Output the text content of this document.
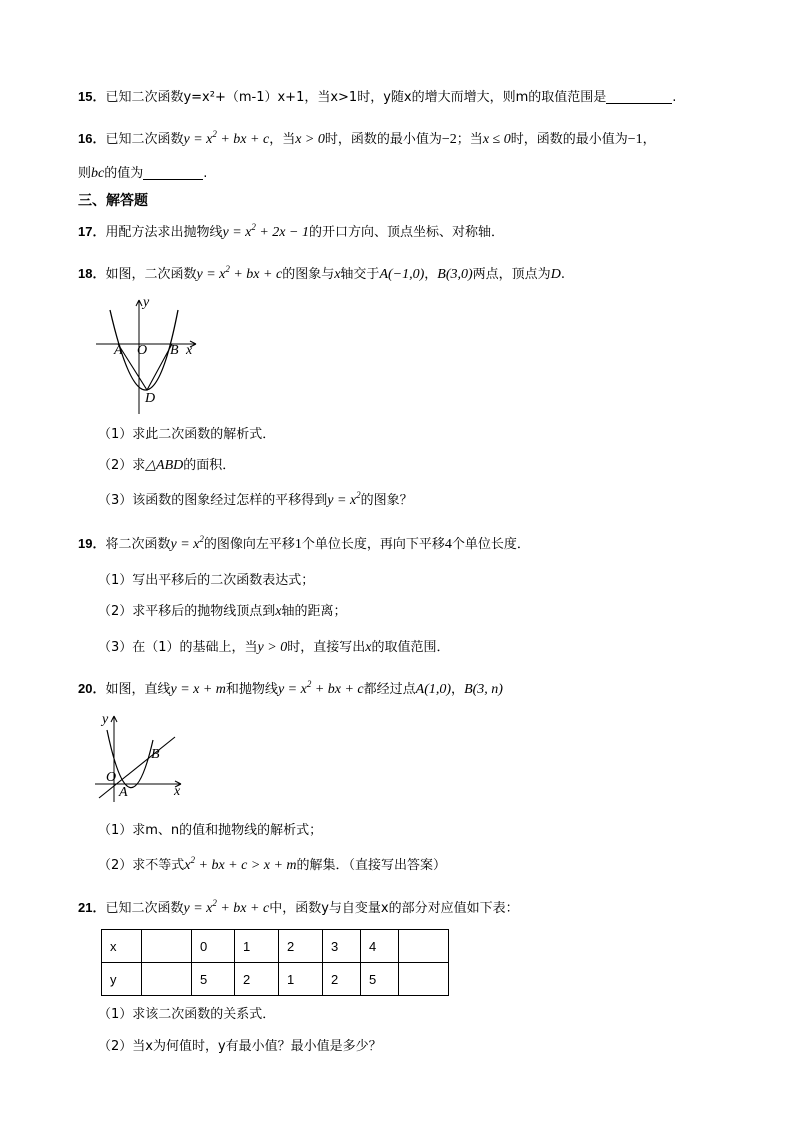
15．已知二次函数y=x²+（m-1）x+1，当x>1时，y随x的增大而增大，则m的取值范围是	.
16．已知二次函数$y = x^2$ + bx + c，当x > 0时，函数的最小值为−2；当x ≤ 0时，函数的最小值为−1，
则bc的值为	.
三、解答题
17．用配方法求出抛物线$y = x^2 + 2x - 1$的开口方向、顶点坐标、对称轴．
18．如图，二次函数$y = x^2$ + bx + c的图象与x轴交于A(−1,0)，B(3,0)两点，顶点为D.
y
x
A O B
D
（1）求此二次函数的解析式．
（2）求△ABD的面积．
（3）该函数的图象经过怎样的平移得到$y = x^2$的图象？
19．将二次函数$y = x^2$的图像向左平移1个单位长度，再向下平移4个单位长度．
（1）写出平移后的二次函数表达式；
（2）求平移后的抛物线顶点到x轴的距离；
（3）在（1）的基础上，当y > 0时，直接写出x的取值范围．
20．如图，直线y = x + m和抛物线$y = x^2$ + bx + c都经过点A(1,0)，B(3, n)
y
x
O
A
B
（1）求m、n的值和抛物线的解析式；
（2）求不等式$x^2$ + bx + c > x + m的解集．（直接写出答案）
21．已知二次函数$y = x^2$ + bx + c中，函数y与自变量x的部分对应值如下表：
x		0	1	2	3	4	
y		5	2	1	2	5	
（1）求该二次函数的关系式．
（2）当x为何值时，y有最小值？最小值是多少？
